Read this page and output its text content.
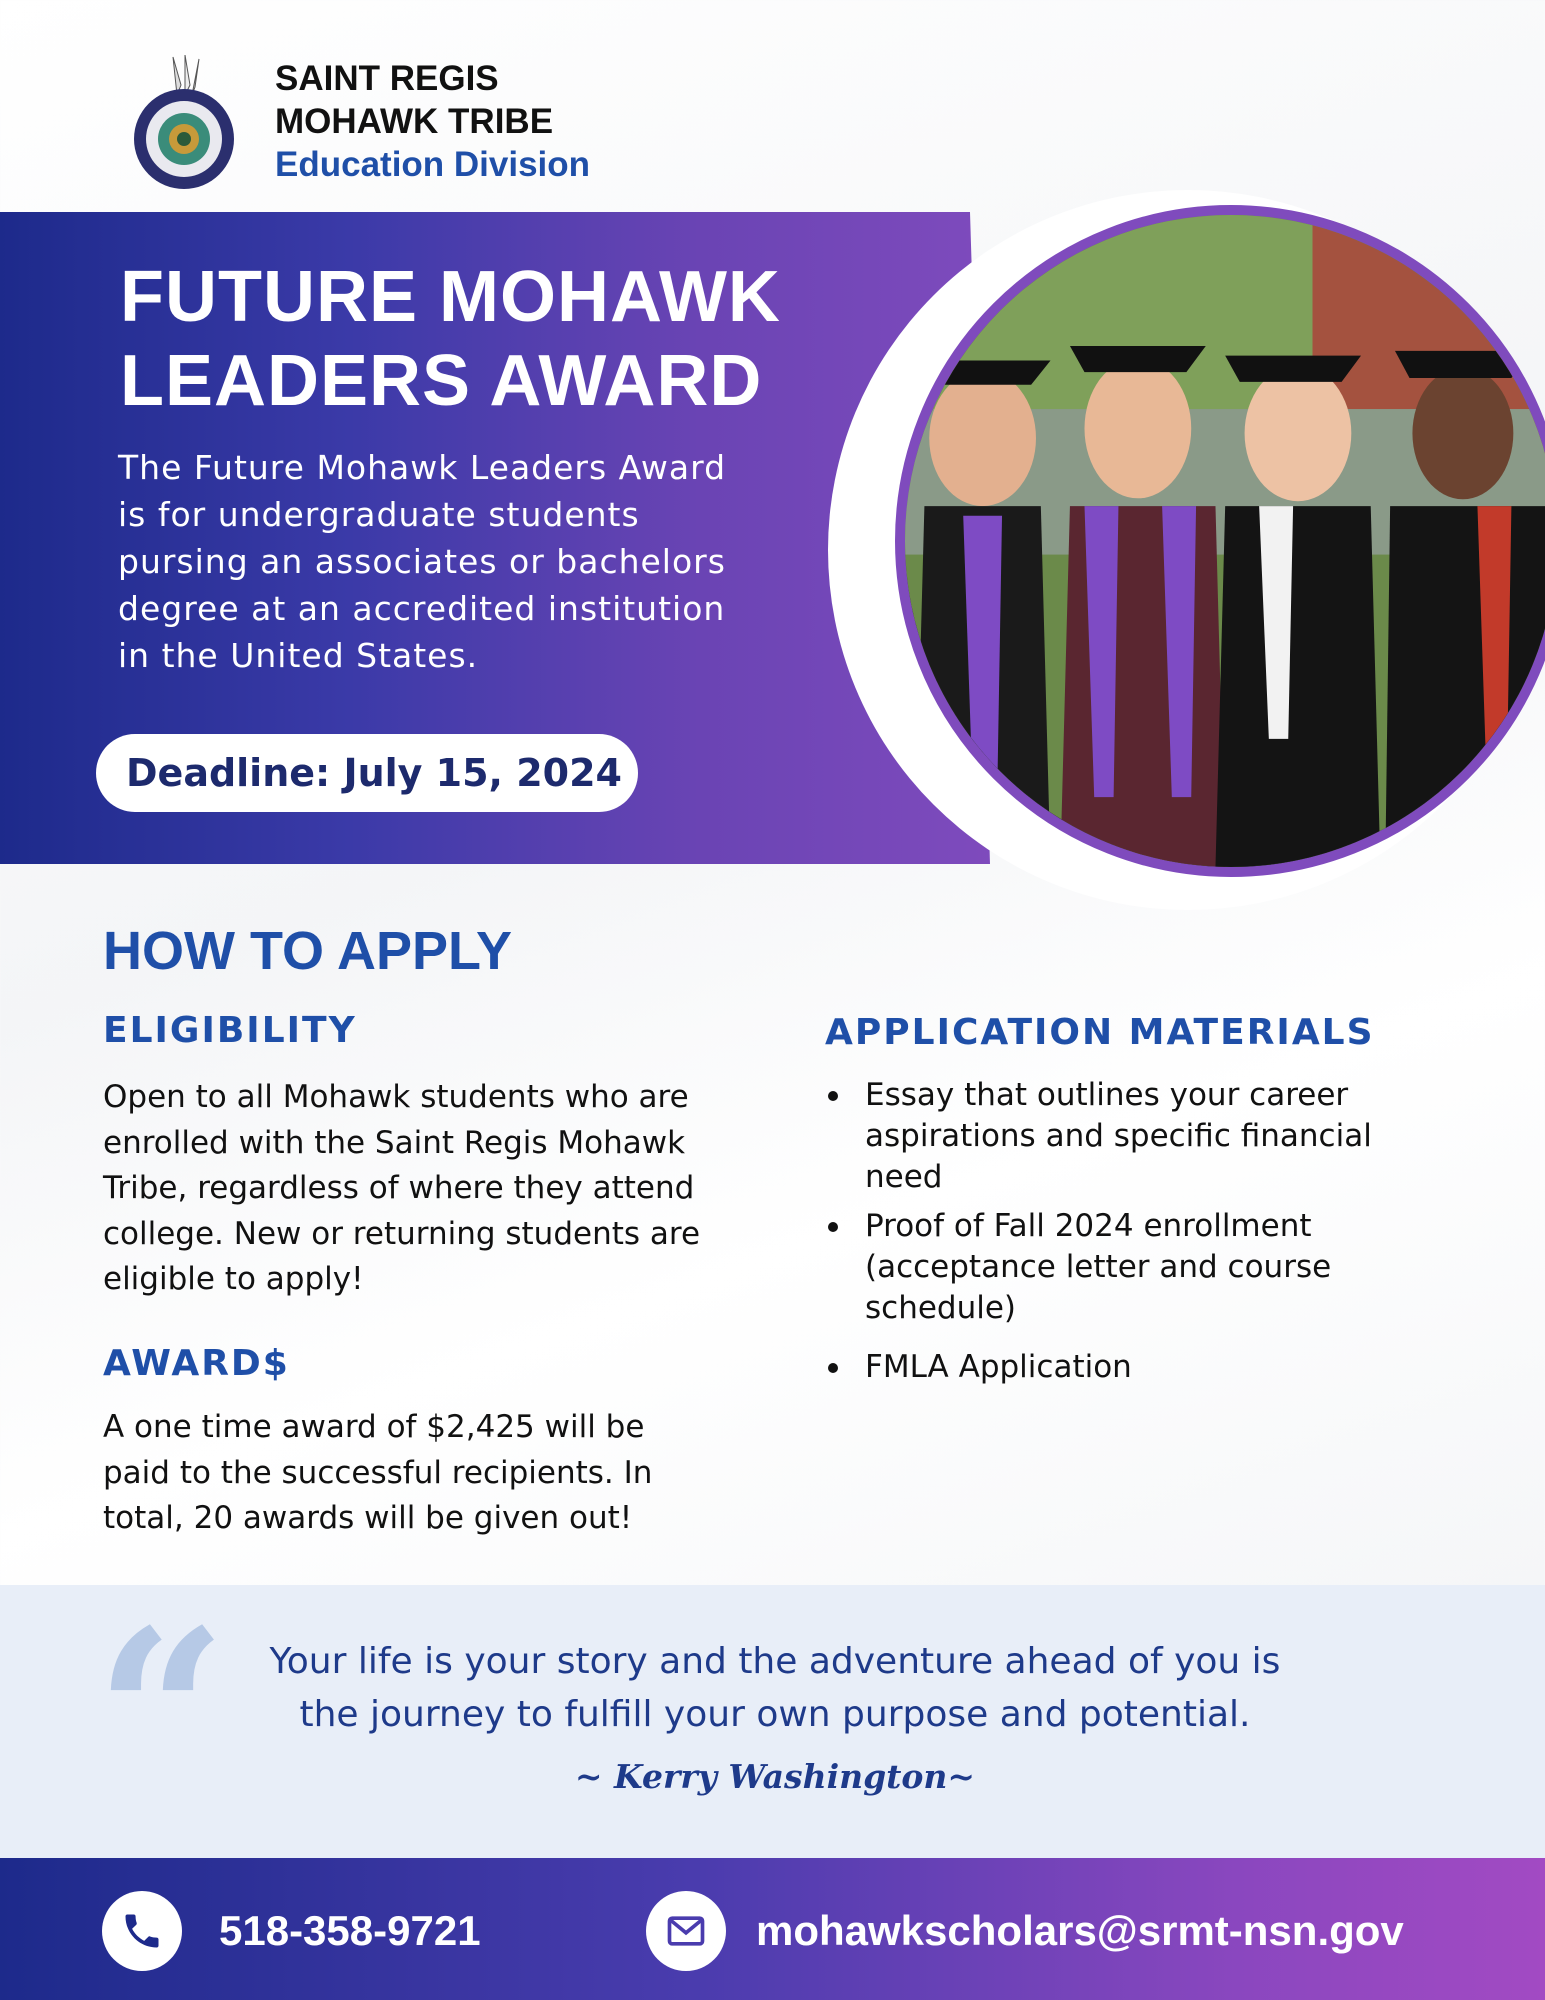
SAINT REGIS
MOHAWK TRIBE
Education Division
FUTURE MOHAWK
LEADERS AWARD
The Future Mohawk Leaders Award
is for undergraduate students
pursing an associates or bachelors
degree at an accredited institution
in the United States.
Deadline: July 15, 2024
HOW TO APPLY
ELIGIBILITY
Open to all Mohawk students who are
enrolled with the Saint Regis Mohawk
Tribe, regardless of where they attend
college. New or returning students are
eligible to apply!
AWARD$
A one time award of $2,425 will be
paid to the successful recipients. In
total, 20 awards will be given out!
APPLICATION MATERIALS
Essay that outlines your career
aspirations and specific financial
need
Proof of Fall 2024 enrollment
(acceptance letter and course
schedule)
FMLA Application
“	Your life is your story and the adventure ahead of you is
the journey to fulfill your own purpose and potential.
~ Kerry Washington~
518-358-9721	mohawkscholars@srmt-nsn.gov
